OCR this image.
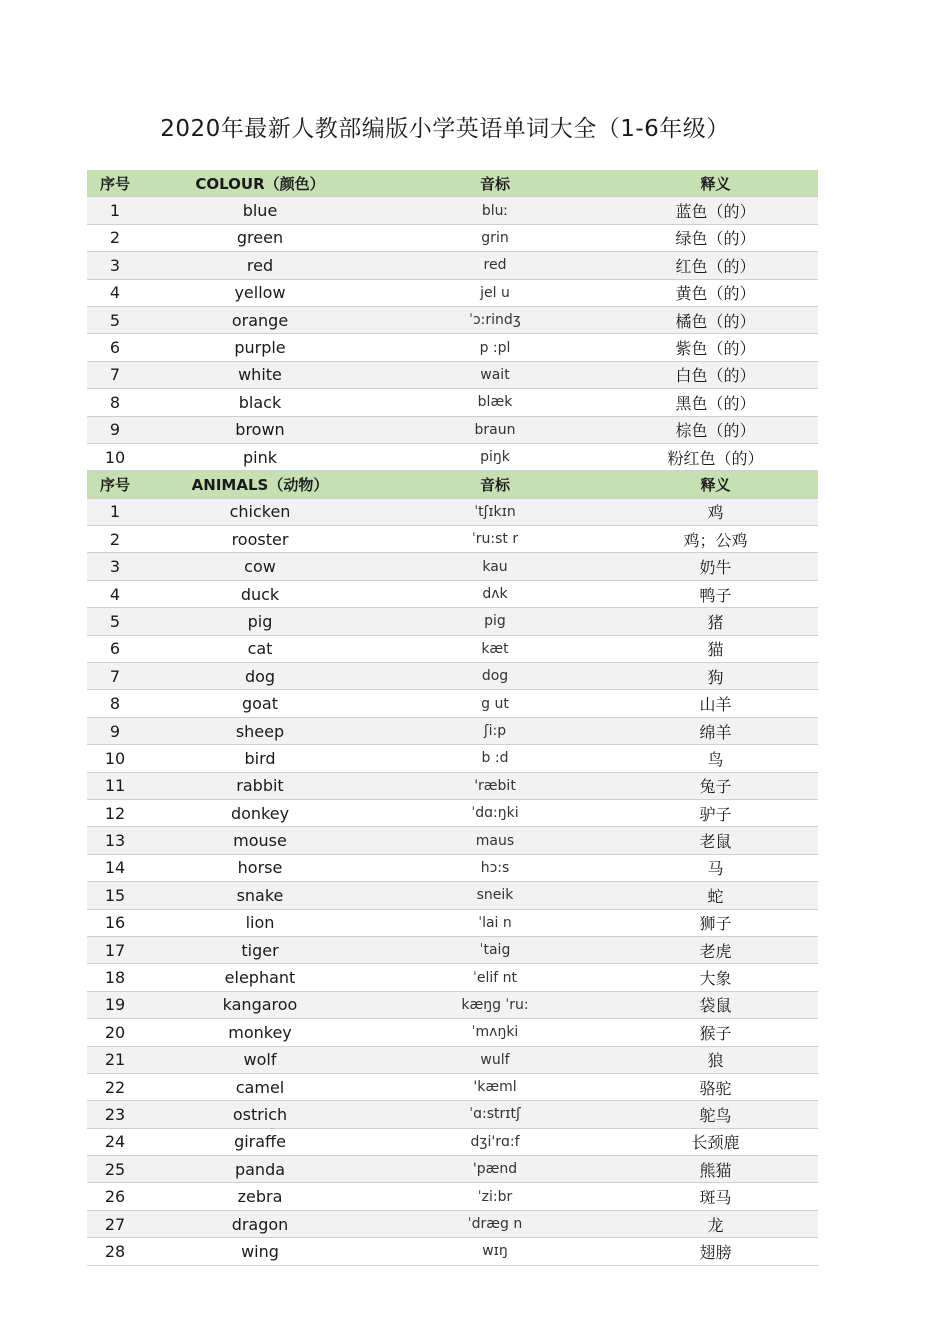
2020年最新人教部编版小学英语单词大全（1-6年级）
序号	COLOUR（颜色）	音标	释义
1	blue	bluː	蓝色（的）
2	green	grin	绿色（的）
3	red	red	红色（的）
4	yellow	jel u	黄色（的）
5	orange	ˈɔ:rindʒ	橘色（的）
6	purple	p :pl	紫色（的）
7	white	wait	白色（的）
8	black	blæk	黑色（的）
9	brown	braun	棕色（的）
10	pink	piŋk	粉红色（的）
序号	ANIMALS（动物）	音标	释义
1	chicken	ˈtʃɪkɪn	鸡
2	rooster	ˈru:st r	鸡；公鸡
3	cow	kau	奶牛
4	duck	dʌk	鸭子
5	pig	pig	猪
6	cat	kæt	猫
7	dog	dog	狗
8	goat	g ut	山羊
9	sheep	ʃi:p	绵羊
10	bird	b :d	鸟
11	rabbit	'ræbit	兔子
12	donkey	ˈdɑ:ŋki	驴子
13	mouse	maus	老鼠
14	horse	hɔ:s	马
15	snake	sneik	蛇
16	lion	ˈlai n	狮子
17	tiger	ˈtaig	老虎
18	elephant	ˈelif nt	大象
19	kangaroo	kæŋg ˈru:	袋鼠
20	monkey	ˈmʌŋki	猴子
21	wolf	wulf	狼
22	camel	'kæml	骆驼
23	ostrich	ˈɑ:strɪtʃ	鸵鸟
24	giraffe	dʒi'rɑ:f	长颈鹿
25	panda	'pænd	熊猫
26	zebra	ˈzi:br	斑马
27	dragon	ˈdræg n	龙
28	wing	wɪŋ	翅膀
